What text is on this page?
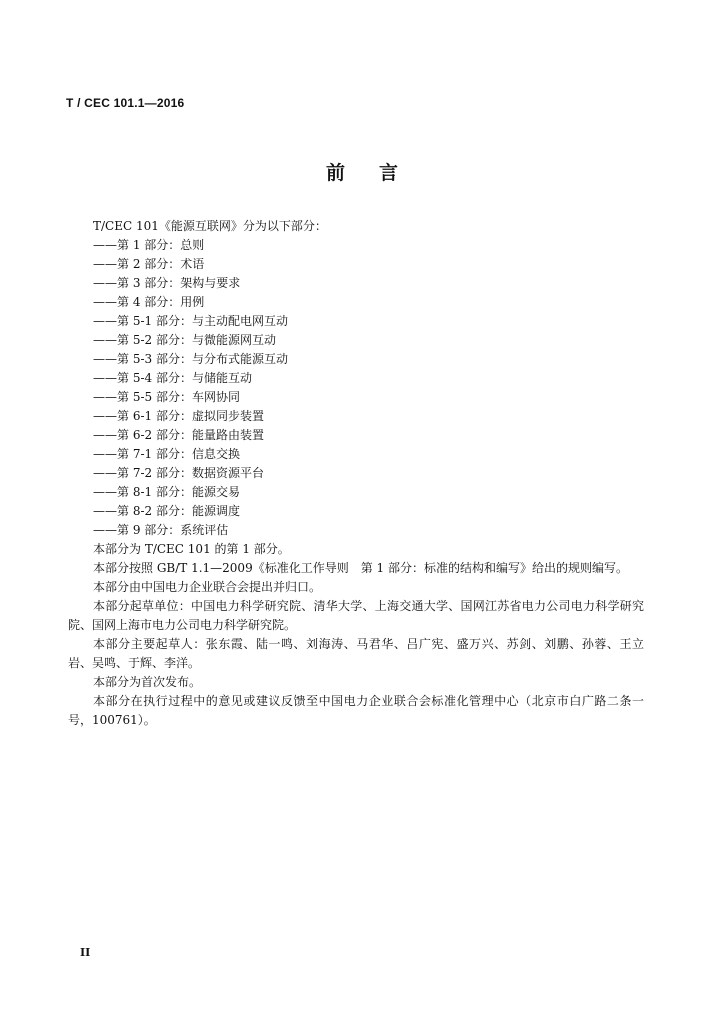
T / CEC 101.1—2016
前言

T/CEC 101《能源互联网》分为以下部分：

——第 1 部分：总则

——第 2 部分：术语

——第 3 部分：架构与要求

——第 4 部分：用例

——第 5-1 部分：与主动配电网互动

——第 5-2 部分：与微能源网互动

——第 5-3 部分：与分布式能源互动

——第 5-4 部分：与储能互动

——第 5-5 部分：车网协同

——第 6-1 部分：虚拟同步装置

——第 6-2 部分：能量路由装置

——第 7-1 部分：信息交换

——第 7-2 部分：数据资源平台

——第 8-1 部分：能源交易

——第 8-2 部分：能源调度

——第 9 部分：系统评估

本部分为 T/CEC 101 的第 1 部分。

本部分按照 GB/T 1.1—2009《标准化工作导则　第 1 部分：标准的结构和编写》给出的规则编写。

本部分由中国电力企业联合会提出并归口。

本部分起草单位：中国电力科学研究院、清华大学、上海交通大学、国网江苏省电力公司电力科学研究院、国网上海市电力公司电力科学研究院。

本部分主要起草人：张东霞、陆一鸣、刘海涛、马君华、吕广宪、盛万兴、苏剑、刘鹏、孙蓉、王立岩、吴鸣、于辉、李洋。

本部分为首次发布。

本部分在执行过程中的意见或建议反馈至中国电力企业联合会标准化管理中心（北京市白广路二条一号，100761）。

II
